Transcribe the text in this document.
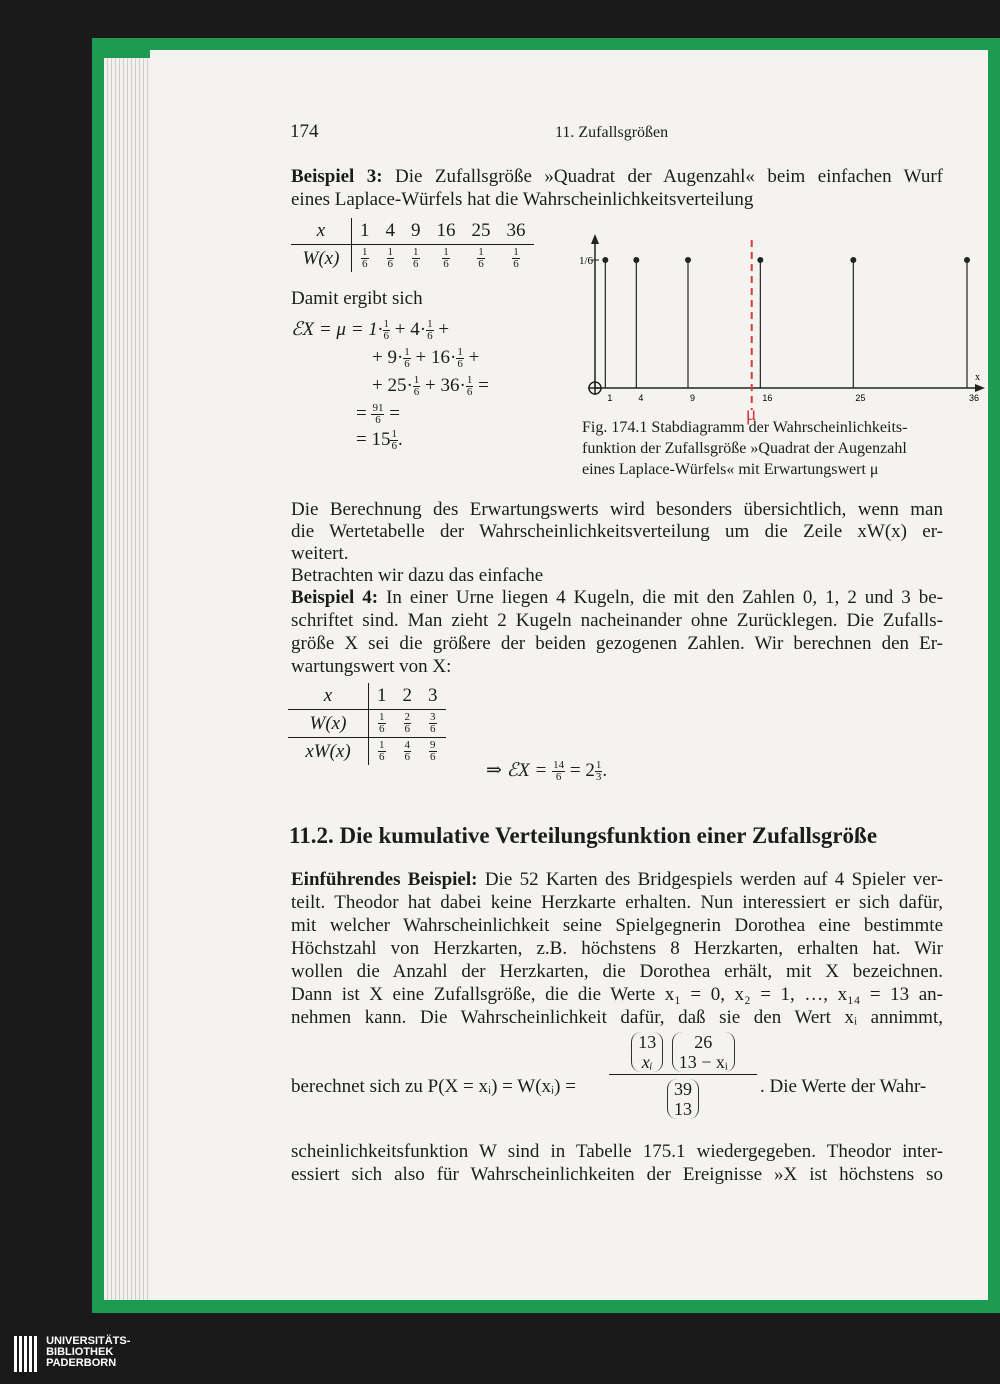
174	11. Zufallsgrößen
Beispiel 3: Die Zufallsgröße »Quadrat der Augenzahl« beim einfachen Wurf
eines Laplace-Würfels hat die Wahrscheinlichkeitsverteilung
x	1	4	9	16	25	36
W(x)	$\frac{1}{6}$	$\frac{1}{6}$	$\frac{1}{6}$	$\frac{1}{6}$	$\frac{1}{6}$	$\frac{1}{6}$
Damit ergibt sich
ℰX = $\mu = 1\cdot \frac{1}{6} + 4\cdot \frac{1}{6}$ +
+ $9\cdot \frac{1}{6} + 16\cdot \frac{1}{6}$ +
+ $25\cdot \frac{1}{6} + 36\cdot \frac{1}{6}$ =
= $\frac{91}{6}$ =
= $15 \frac{1}{6}$ .
1/6
x
1	4	9	16	25	36
μ
Fig. 174.1 Stabdiagramm der Wahrscheinlichkeits-
funktion der Zufallsgröße »Quadrat der Augenzahl
eines Laplace-Würfels« mit Erwartungswert μ
Die Berechnung des Erwartungswerts wird besonders übersichtlich, wenn man
die Wertetabelle der Wahrscheinlichkeitsverteilung um die Zeile xW(x) er-
weitert.
Betrachten wir dazu das einfache
Beispiel 4: In einer Urne liegen 4 Kugeln, die mit den Zahlen 0, 1, 2 und 3 be-
schriftet sind. Man zieht 2 Kugeln nacheinander ohne Zurücklegen. Die Zufalls-
größe X sei die größere der beiden gezogenen Zahlen. Wir berechnen den Er-
wartungswert von X:
x	1	2	3
W(x)	$\frac{1}{6}$	$\frac{2}{6}$	$\frac{3}{6}$

xW(x)	$\frac{1}{6}$	$\frac{4}{6}$	$\frac{9}{6}$
⇒ ℰX = $\frac{14}{6} = 2 \frac{1}{3}$ .
11.2. Die kumulative Verteilungsfunktion einer Zufallsgröße
Einführendes Beispiel: Die 52 Karten des Bridgespiels werden auf 4 Spieler ver-
teilt. Theodor hat dabei keine Herzkarte erhalten. Nun interessiert er sich dafür,
mit welcher Wahrscheinlichkeit seine Spielgegnerin Dorothea eine bestimmte
Höchstzahl von Herzkarten, z.B. höchstens 8 Herzkarten, erhalten hat. Wir
wollen die Anzahl der Herzkarten, die Dorothea erhält, mit X bezeichnen.
Dann ist X eine Zufallsgröße, die die Werte x₁ = 0, x₂ = 1, …, x₁₄ = 13 an-
nehmen kann. Die Wahrscheinlichkeit dafür, daß sie den Wert xᵢ annimmt,
berechnet sich zu P(X = xᵢ) = W(xᵢ) =
13
xᵢ

26
13 − xᵢ
39
13
. Die Werte der Wahr-
scheinlichkeitsfunktion W sind in Tabelle 175.1 wiedergegeben. Theodor inter-
essiert sich also für Wahrscheinlichkeiten der Ereignisse »X ist höchstens so

UNIVERSITÄTS-
BIBLIOTHEK
PADERBORN
